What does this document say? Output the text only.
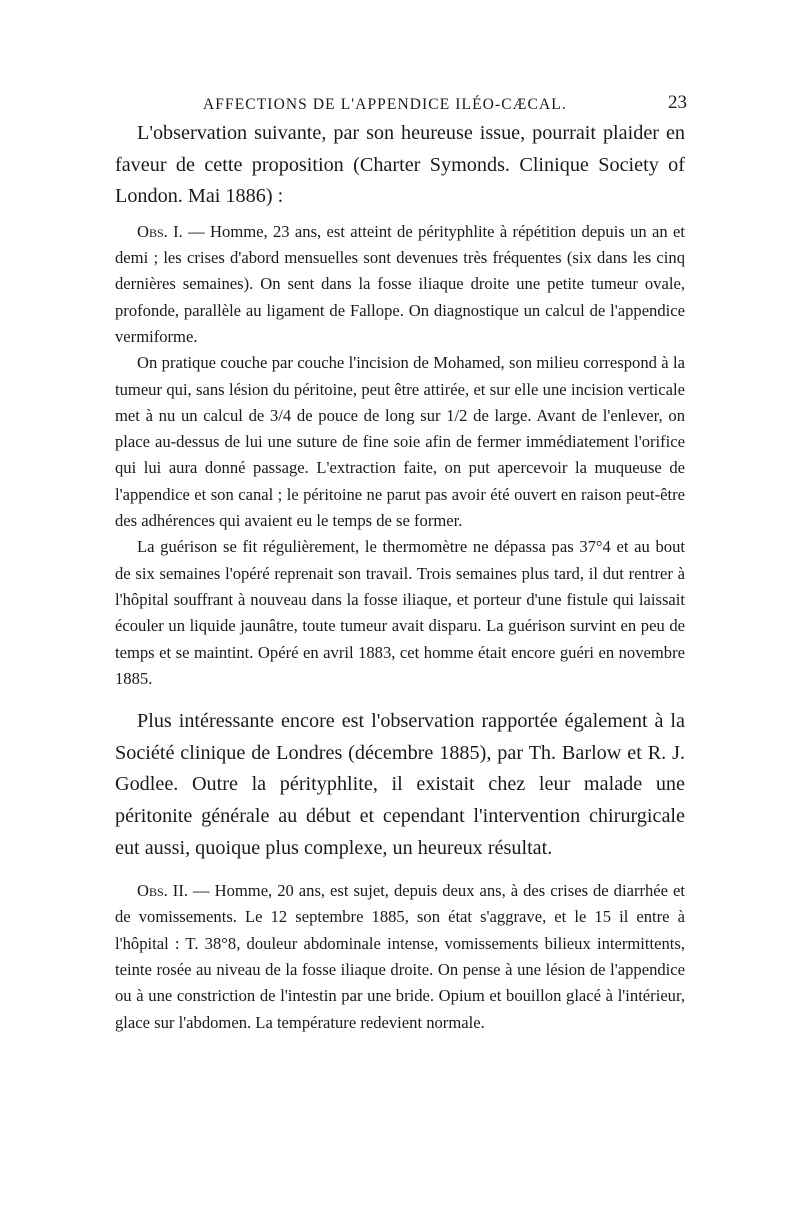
AFFECTIONS DE L'APPENDICE ILÉO-CÆCAL.	23

L'observation suivante, par son heureuse issue, pourrait plaider en faveur de cette proposition (Charter Symonds. Clinique Society of London. Mai 1886) :

Obs. I. — Homme, 23 ans, est atteint de pérityphlite à répétition depuis un an et demi ; les crises d'abord mensuelles sont devenues très fréquentes (six dans les cinq dernières semaines). On sent dans la fosse iliaque droite une petite tumeur ovale, profonde, parallèle au ligament de Fallope. On diagnostique un calcul de l'appendice vermiforme.

On pratique couche par couche l'incision de Mohamed, son milieu correspond à la tumeur qui, sans lésion du péritoine, peut être attirée, et sur elle une incision verticale met à nu un calcul de 3/4 de pouce de long sur 1/2 de large. Avant de l'enlever, on place au-dessus de lui une suture de fine soie afin de fermer immédiatement l'orifice qui lui aura donné passage. L'extraction faite, on put apercevoir la muqueuse de l'appendice et son canal ; le péritoine ne parut pas avoir été ouvert en raison peut-être des adhérences qui avaient eu le temps de se former.

La guérison se fit régulièrement, le thermomètre ne dépassa pas 37°4 et au bout de six semaines l'opéré reprenait son travail. Trois semaines plus tard, il dut rentrer à l'hôpital souffrant à nouveau dans la fosse iliaque, et porteur d'une fistule qui laissait écouler un liquide jaunâtre, toute tumeur avait disparu. La guérison survint en peu de temps et se maintint. Opéré en avril 1883, cet homme était encore guéri en novembre 1885.

Plus intéressante encore est l'observation rapportée également à la Société clinique de Londres (décembre 1885), par Th. Barlow et R. J. Godlee. Outre la pérityphlite, il existait chez leur malade une péritonite générale au début et cependant l'intervention chirurgicale eut aussi, quoique plus complexe, un heureux résultat.

Obs. II. — Homme, 20 ans, est sujet, depuis deux ans, à des crises de diarrhée et de vomissements. Le 12 septembre 1885, son état s'aggrave, et le 15 il entre à l'hôpital : T. 38°8, douleur abdominale intense, vomissements bilieux intermittents, teinte rosée au niveau de la fosse iliaque droite. On pense à une lésion de l'appendice ou à une constriction de l'intestin par une bride. Opium et bouillon glacé à l'intérieur, glace sur l'abdomen. La température redevient normale.
